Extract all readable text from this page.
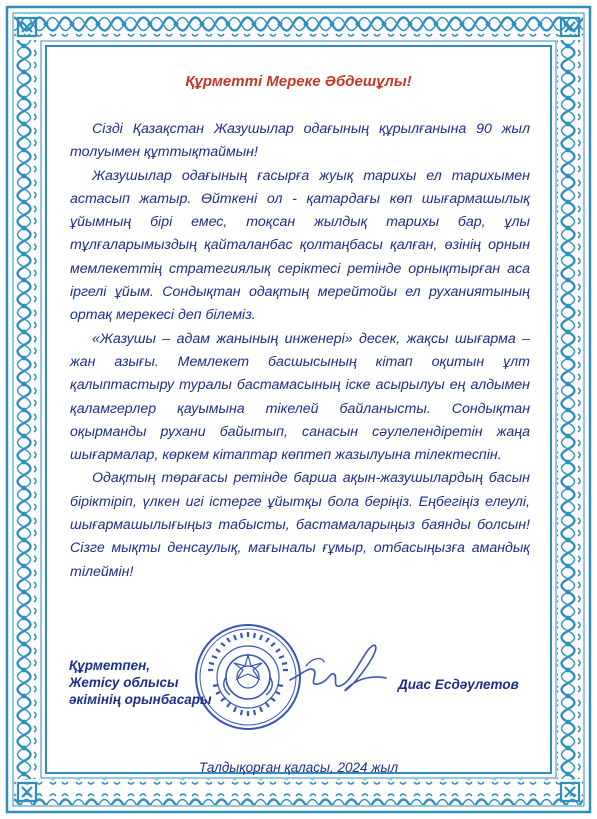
Құрметті Мереке Әбдешұлы!

Сізді Қазақстан Жазушылар одағының құрылғанына 90 жыл толуымен құттықтаймын!

Жазушылар одағының ғасырға жуық тарихы ел тарихымен астасып жатыр. Өйткені ол - қатардағы көп шығармашылық ұйымның бірі емес, тоқсан жылдық тарихы бар, ұлы тұлғаларымыздың қайталанбас қолтаңбасы қалған, өзінің орнын мемлекеттің стратегиялық серіктесі ретінде орнықтырған аса іргелі ұйым. Сондықтан одақтың мерейтойы ел руханиятының ортақ мерекесі деп білеміз.

«Жазушы – адам жанының инженері» десек, жақсы шығарма – жан азығы. Мемлекет басшысының кітап оқитын ұлт қалыптастыру туралы бастамасының іске асырылуы ең алдымен қаламгерлер қауымына тікелей байланысты. Сондықтан оқырманды рухани байытып, санасын сәулелендіретін жаңа шығармалар, көркем кітаптар көптеп жазылуына тілектеспін.

Одақтың төрағасы ретінде барша ақын-жазушылардың басын біріктіріп, үлкен игі істерге ұйытқы бола беріңіз. Еңбегіңіз елеулі, шығармашылығыңыз табысты, бастамаларыңыз баянды болсын! Сізге мықты денсаулық, мағыналы ғұмыр, отбасыңызға амандық тілеймін!

Құрметпен,
Жетісу облысы
әкімінің орынбасары
Диас Есдәулетов
Талдықорған қаласы, 2024 жыл
